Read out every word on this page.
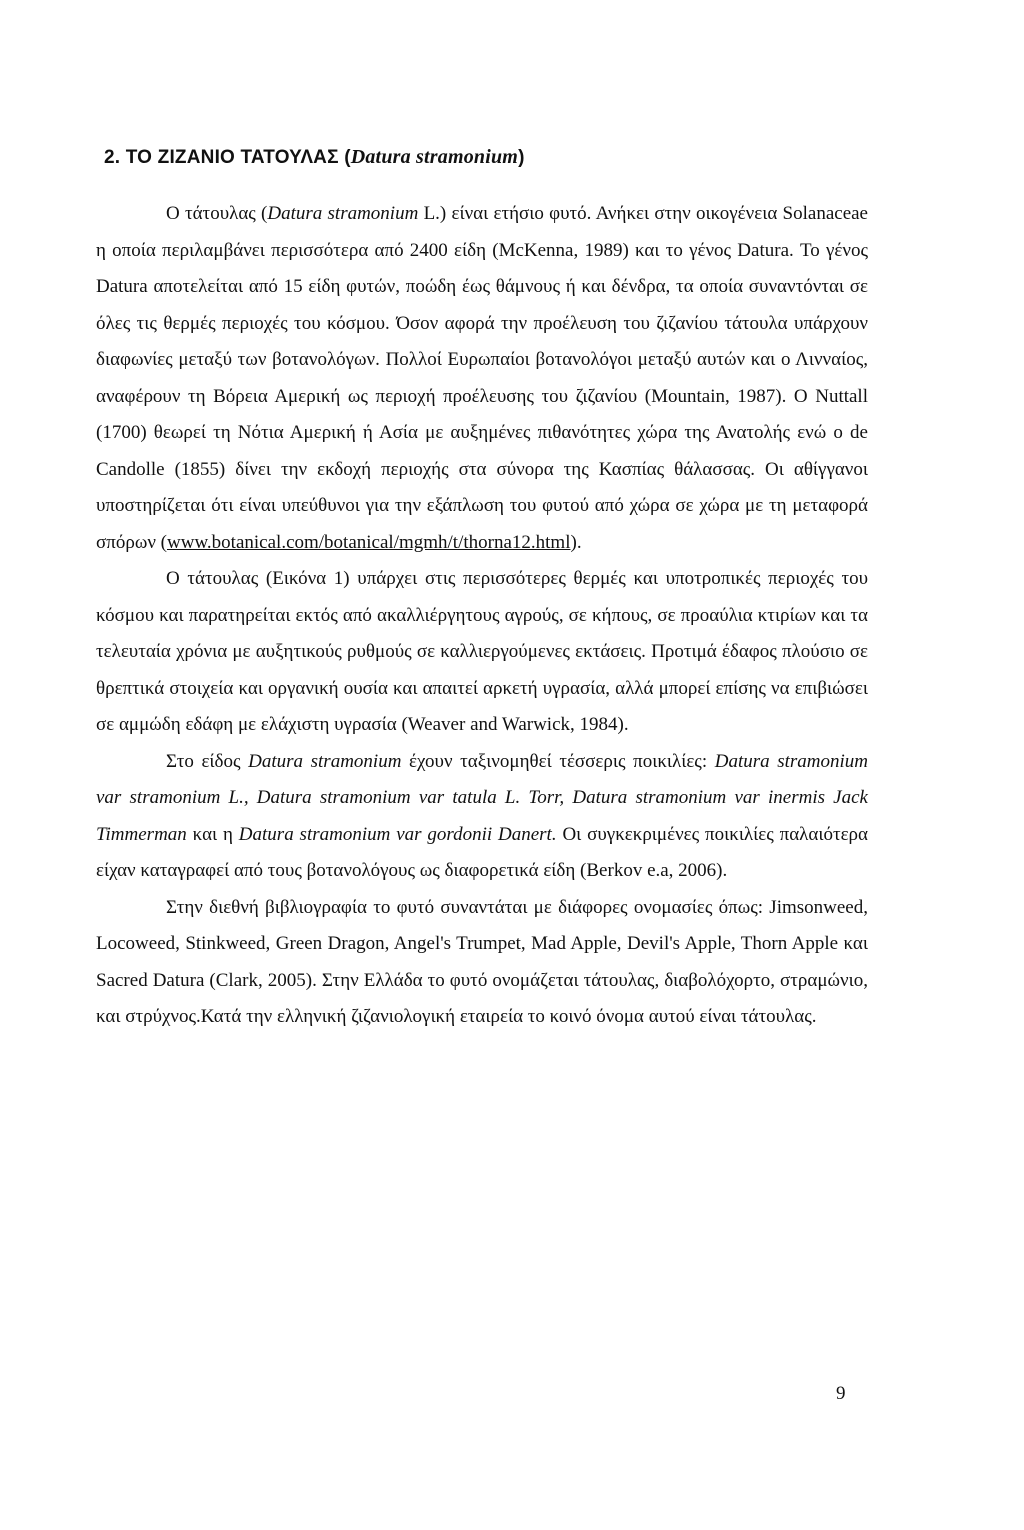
2. ΤΟ ΖΙΖΑΝΙΟ ΤΑΤΟΥΛΑΣ (Datura stramonium)

Ο τάτουλας (Datura stramonium L.) είναι ετήσιο φυτό. Ανήκει στην οικογένεια Solanaceae η οποία περιλαμβάνει περισσότερα από 2400 είδη (McKenna, 1989) και το γένος Datura. Το γένος Datura αποτελείται από 15 είδη φυτών, ποώδη έως θάμνους ή και δένδρα, τα οποία συναντόνται σε όλες τις θερμές περιοχές του κόσμου. Όσον αφορά την προέλευση του ζιζανίου τάτουλα υπάρχουν διαφωνίες μεταξύ των βοτανολόγων. Πολλοί Ευρωπαίοι βοτανολόγοι μεταξύ αυτών και ο Λινναίος, αναφέρουν τη Βόρεια Αμερική ως περιοχή προέλευσης του ζιζανίου (Mountain, 1987). Ο Nuttall (1700) θεωρεί τη Νότια Αμερική ή Ασία με αυξημένες πιθανότητες χώρα της Ανατολής ενώ ο de Candolle (1855) δίνει την εκδοχή περιοχής στα σύνορα της Κασπίας θάλασσας. Οι αθίγγανοι υποστηρίζεται ότι είναι υπεύθυνοι για την εξάπλωση του φυτού από χώρα σε χώρα με τη μεταφορά σπόρων (www.botanical.com/botanical/mgmh/t/thorna12.html).

Ο τάτουλας (Εικόνα 1) υπάρχει στις περισσότερες θερμές και υποτροπικές περιοχές του κόσμου και παρατηρείται εκτός από ακαλλιέργητους αγρούς, σε κήπους, σε προαύλια κτιρίων και τα τελευταία χρόνια με αυξητικούς ρυθμούς σε καλλιεργούμενες εκτάσεις. Προτιμά έδαφος πλούσιο σε θρεπτικά στοιχεία και οργανική ουσία και απαιτεί αρκετή υγρασία, αλλά μπορεί επίσης να επιβιώσει σε αμμώδη εδάφη με ελάχιστη υγρασία (Weaver and Warwick, 1984).

Στο είδος Datura stramonium έχουν ταξινομηθεί τέσσερις ποικιλίες: Datura stramonium var stramonium L., Datura stramonium var tatula L. Torr, Datura stramonium var inermis Jack Timmerman και η Datura stramonium var gordonii Danert. Οι συγκεκριμένες ποικιλίες παλαιότερα είχαν καταγραφεί από τους βοτανολόγους ως διαφορετικά είδη (Berkov e.a, 2006).

Στην διεθνή βιβλιογραφία το φυτό συναντάται με διάφορες ονομασίες όπως: Jimsonweed, Locoweed, Stinkweed, Green Dragon, Angel's Trumpet, Mad Apple, Devil's Apple, Thorn Apple και Sacred Datura (Clark, 2005). Στην Ελλάδα το φυτό ονομάζεται τάτουλας, διαβολόχορτο, στραμώνιο, και στρύχνος.Κατά την ελληνική ζιζανιολογική εταιρεία το κοινό όνομα αυτού είναι τάτουλας.

9
